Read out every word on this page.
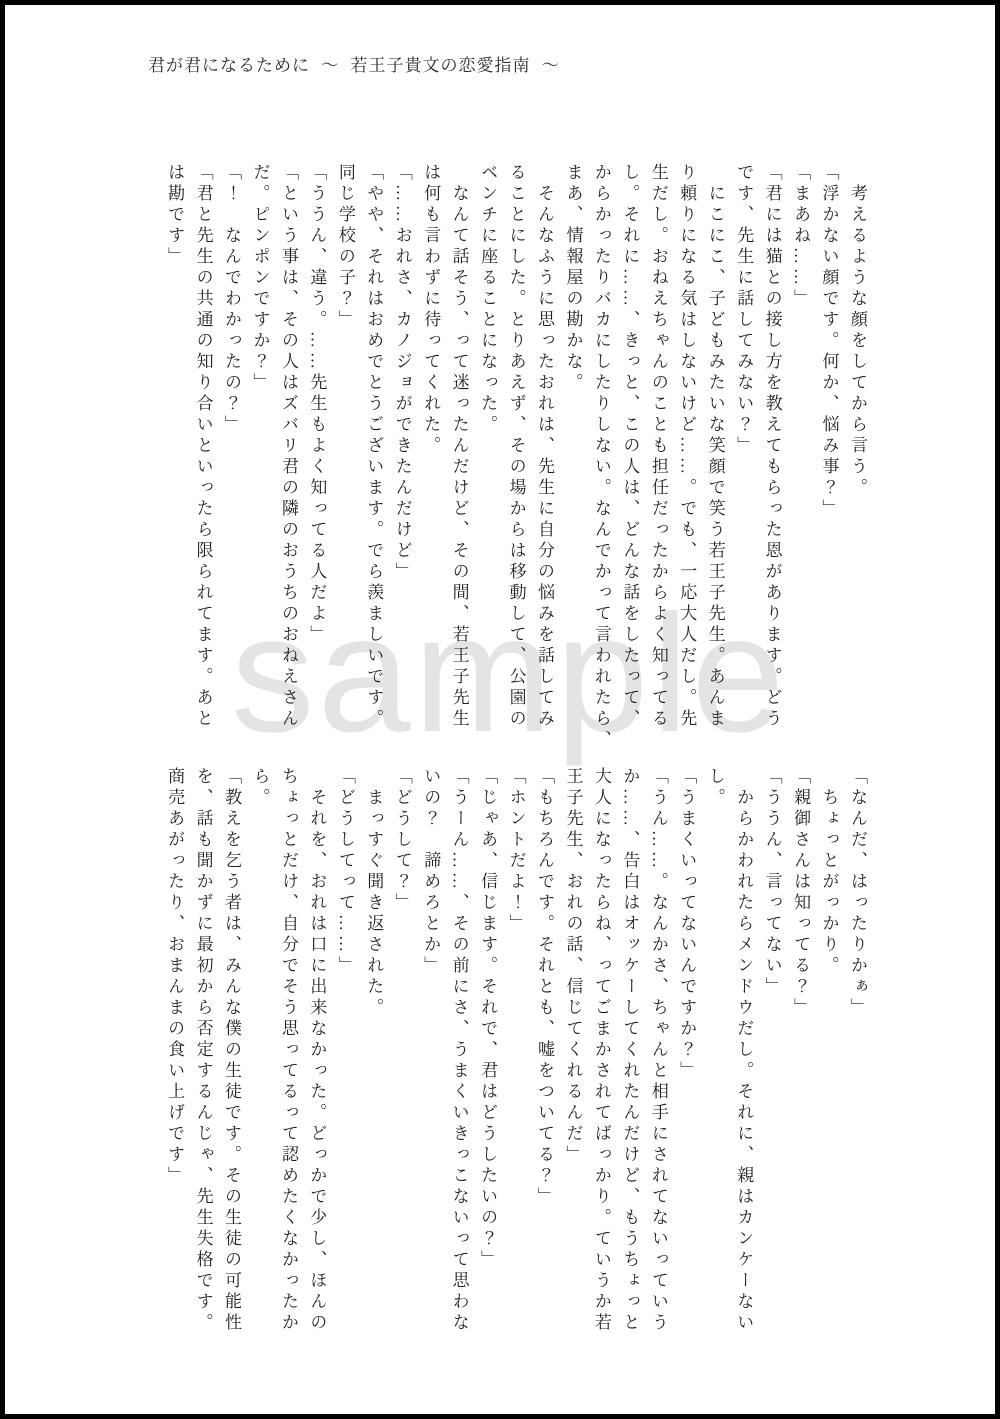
君が君になるために 〜 若王子貴文の恋愛指南 〜
sample

　考えるような顔をしてから言う。

「浮かない顔です。何か、悩み事？」

「まあね……」

「君には猫との接し方を教えてもらった恩があります。どう

です、先生に話してみない？」

　にこにこ、子どもみたいな笑顔で笑う若王子先生。あんま

り頼りになる気はしないけど……。でも、一応大人だし。先

生だし。おねえちゃんのことも担任だったからよく知ってる

し。それに……、きっと、この人は、どんな話をしたって、

からかったりバカにしたりしない。なんでかって言われたら、

まあ、情報屋の勘かな。

　そんなふうに思ったおれは、先生に自分の悩みを話してみ

ることにした。とりあえず、その場からは移動して、公園の

ベンチに座ることになった。

　なんて話そう、って迷ったんだけど、その間、若王子先生

は何も言わずに待ってくれた。

「……おれさ、カノジョができたんだけど」

「やや、それはおめでとうございます。でら羨ましいです。

同じ学校の子？」

「ううん、違う。……先生もよく知ってる人だよ」

「という事は、その人はズバリ君の隣のおうちのおねえさん

だ。ピンポンですか？」

「！　なんでわかったの？」

「君と先生の共通の知り合いといったら限られてます。あと

は勘です」

「なんだ、はったりかぁ」

　ちょっとがっかり。

「親御さんは知ってる？」

「ううん、言ってない」

　からかわれたらメンドウだし。それに、親はカンケーない

し。

「うまくいってないんですか？」

「うん……。なんかさ、ちゃんと相手にされてないっていう

か……、告白はオッケーしてくれたんだけど、もうちょっと

大人になったらね、ってごまかされてばっかり。ていうか若

王子先生、おれの話、信じてくれるんだ」

「もちろんです。それとも、嘘をついてる？」

「ホントだよ！」

「じゃあ、信じます。それで、君はどうしたいの？」

「うーん……、その前にさ、うまくいきっこないって思わな

いの？　諦めろとか」

「どうして？」

　まっすぐ聞き返された。

「どうしてって……」

　それを、おれは口に出来なかった。どっかで少し、ほんの

ちょっとだけ、自分でそう思ってるって認めたくなかったか

ら。

「教えを乞う者は、みんな僕の生徒です。その生徒の可能性

を、話も聞かずに最初から否定するんじゃ、先生失格です。

商売あがったり、おまんまの食い上げです」
